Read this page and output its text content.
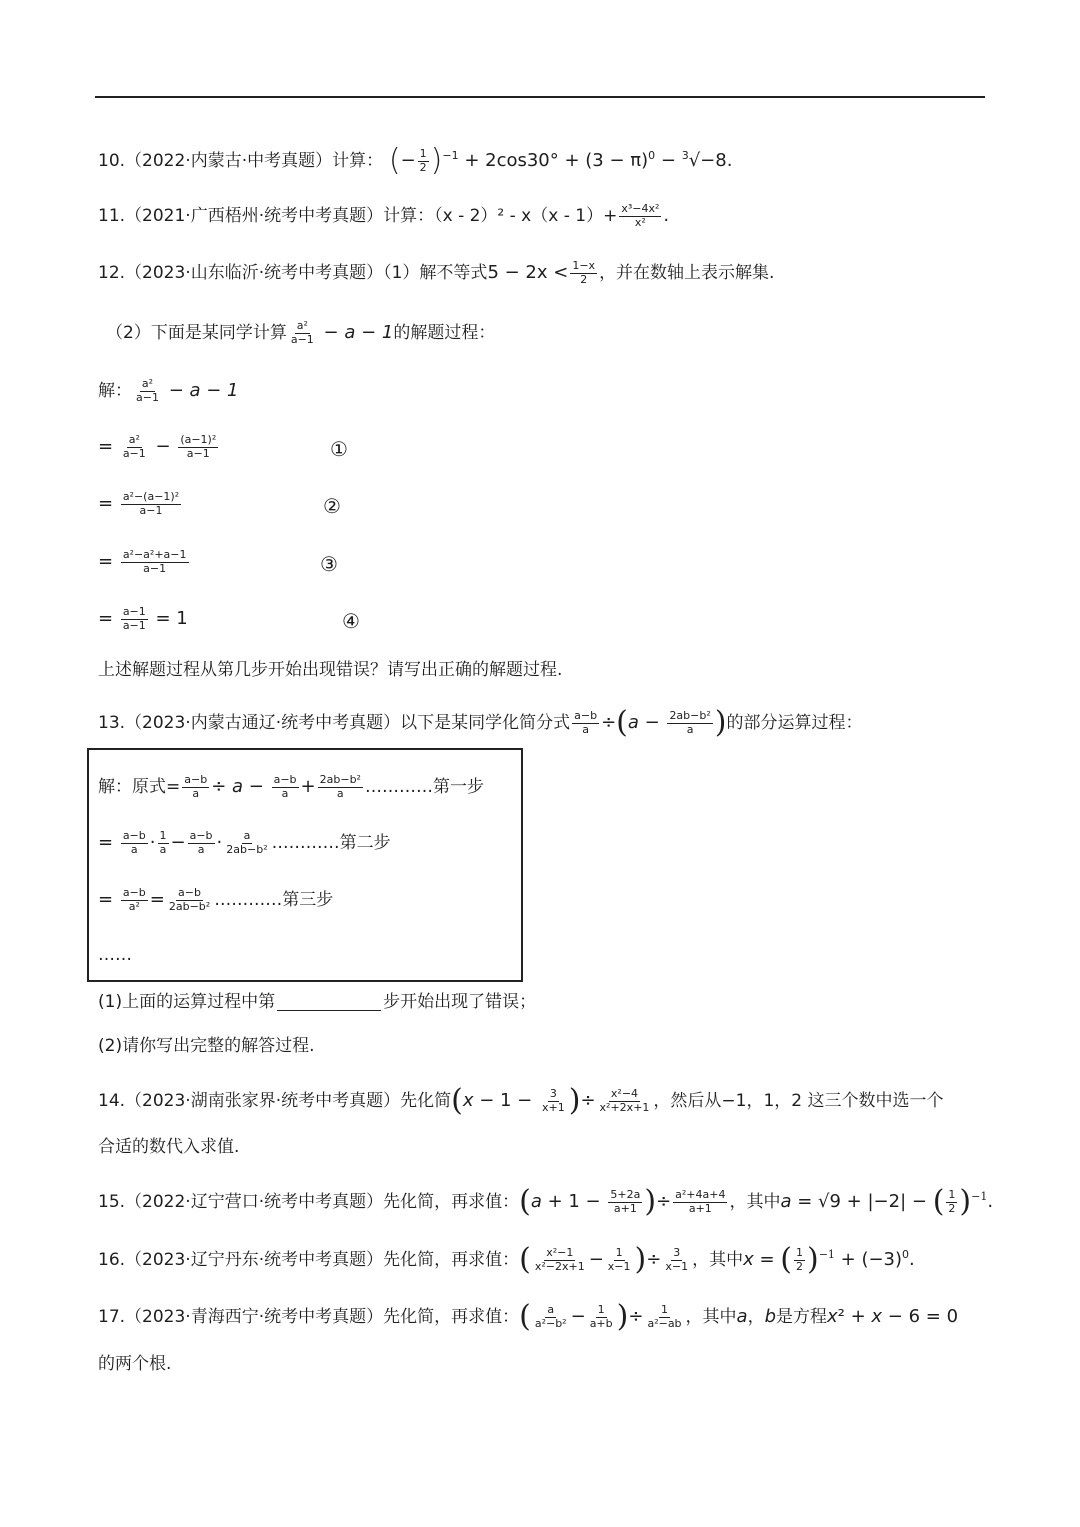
10.（2022·内蒙古·中考真题）计算： (− $\frac{1}{2} )^{-1} + 2\cos 30^\circ + (3 - \pi)^0 - ^3√-8$.
11.（2021·广西梧州·统考中考真题）计算：$(x - 2)^2 - x(x - 1)+ \frac{\text{x³−4x²}}{\text{x²}}$ .
12.（2023·山东临沂·统考中考真题）（1）解不等式$5 - 2x < \frac{1-x}{2}$ ，并在数轴上表示解集.
（2）下面是某同学计算 $\frac{\text{a²}}{a-1} - a - 1$的解题过程：
解： $\frac{\text{a²}}{a-1} - a - 1$
= $\frac{\text{a²}}{a-1} - \frac{\text{(a−1)²}}{a-1}$	①
= $\frac{\text{a²−(a−1)²}}{a-1}$	②
= $\frac{\text{a²−a²+a−1}}{a-1}$	③
= $\frac{a-1}{a-1} = 1$	④
上述解题过程从第几步开始出现错误？请写出正确的解题过程.
13.（2023·内蒙古通辽·统考中考真题）以下是某同学化简分式 $\frac{a-b}{a} \div(a - \frac{\text{2ab−b²}}{a}$ )的部分运算过程：
解：原式= $\frac{a-b}{a} \div a - \frac{a-b}{a} + \frac{\text{2ab−b²}}{a}$ …………第一步
= $\frac{a-b}{a} \cdot \frac{1}{a} - \frac{a-b}{a} \cdot \frac{a}{\text{2ab−b²}}$ …………第二步
= $\frac{a-b}{\text{a²}} = \frac{a-b}{\text{2ab−b²}}$ …………第三步
……
(1)上面的运算过程中第	步开始出现了错误；
(2)请你写出完整的解答过程.
14.（2023·湖南张家界·统考中考真题）先化简($x - 1 - \frac{3}{x+1}$ )÷ $\frac{\text{x²−4}}{\text{x²+2x+1}}$ ，然后从−1，1，2 这三个数中选一个
合适的数代入求值.
15.（2022·辽宁营口·统考中考真题）先化简，再求值：($a + 1 - \frac{5+2a}{a+1}$ )÷ $\frac{\text{a²+4a+4}}{a+1}$ ，其中a = √9 + |−2| − ( $\frac{1}{2} )^{-1}$.
16.（2023·辽宁丹东·统考中考真题）先化简，再求值：( $\frac{\text{x²−1}}{\text{x²−2x+1}} - \frac{1}{x-1}$ )÷ $\frac{3}{x-1}$ ，其中x = ( $\frac{1}{2} )^{-1} + (-3)^0$.
17.（2023·青海西宁·统考中考真题）先化简，再求值：( $\frac{a}{\text{a²−b²}} - \frac{1}{a+b}$ )÷ $\frac{1}{\text{a²−ab}}$ ，其中a，b是方程x² + x − 6 = 0
的两个根.
